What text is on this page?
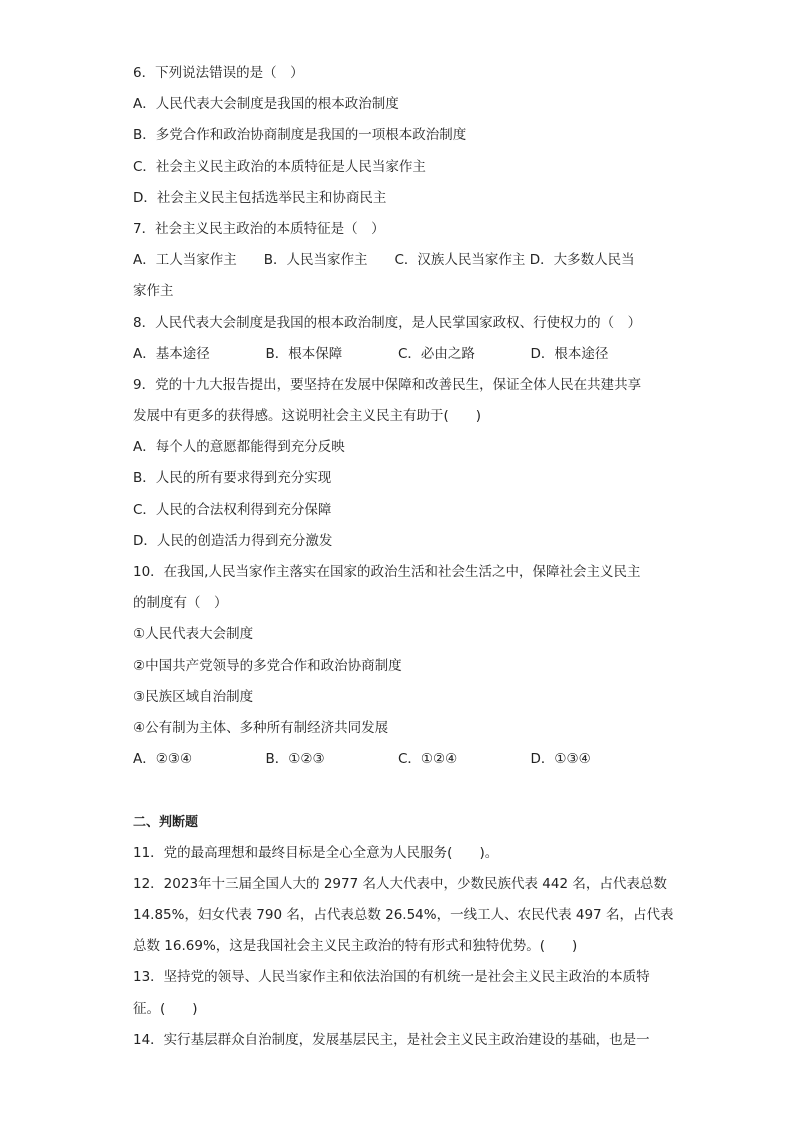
6．下列说法错误的是（　）
A．人民代表大会制度是我国的根本政治制度
B．多党合作和政治协商制度是我国的一项根本政治制度
C．社会主义民主政治的本质特征是人民当家作主
D．社会主义民主包括选举民主和协商民主
7．社会主义民主政治的本质特征是（　）
A．工人当家作主　　B．人民当家作主　　C．汉族人民当家作主 D．大多数人民当
家作主
8．人民代表大会制度是我国的根本政治制度，是人民掌国家政权、行使权力的（　）
A．基本途径	B．根本保障	C．必由之路	D．根本途径
9．党的十九大报告提出，要坚持在发展中保障和改善民生，保证全体人民在共建共享
发展中有更多的获得感。这说明社会主义民主有助于(　　)
A．每个人的意愿都能得到充分反映
B．人民的所有要求得到充分实现
C．人民的合法权利得到充分保障
D．人民的创造活力得到充分激发
10．在我国,人民当家作主落实在国家的政治生活和社会生活之中，保障社会主义民主
的制度有（　）
①人民代表大会制度
②中国共产党领导的多党合作和政治协商制度
③民族区域自治制度
④公有制为主体、多种所有制经济共同发展
A．②③④	B．①②③	C．①②④	D．①③④
二、判断题
11．党的最高理想和最终目标是全心全意为人民服务(　　)。
12．2023年十三届全国人大的 2977 名人大代表中，少数民族代表 442 名，占代表总数
14.85%，妇女代表 790 名，占代表总数 26.54%，一线工人、农民代表 497 名，占代表
总数 16.69%，这是我国社会主义民主政治的特有形式和独特优势。(　　)
13．坚持党的领导、人民当家作主和依法治国的有机统一是社会主义民主政治的本质特
征。(　　)
14．实行基层群众自治制度，发展基层民主，是社会主义民主政治建设的基础，也是一
